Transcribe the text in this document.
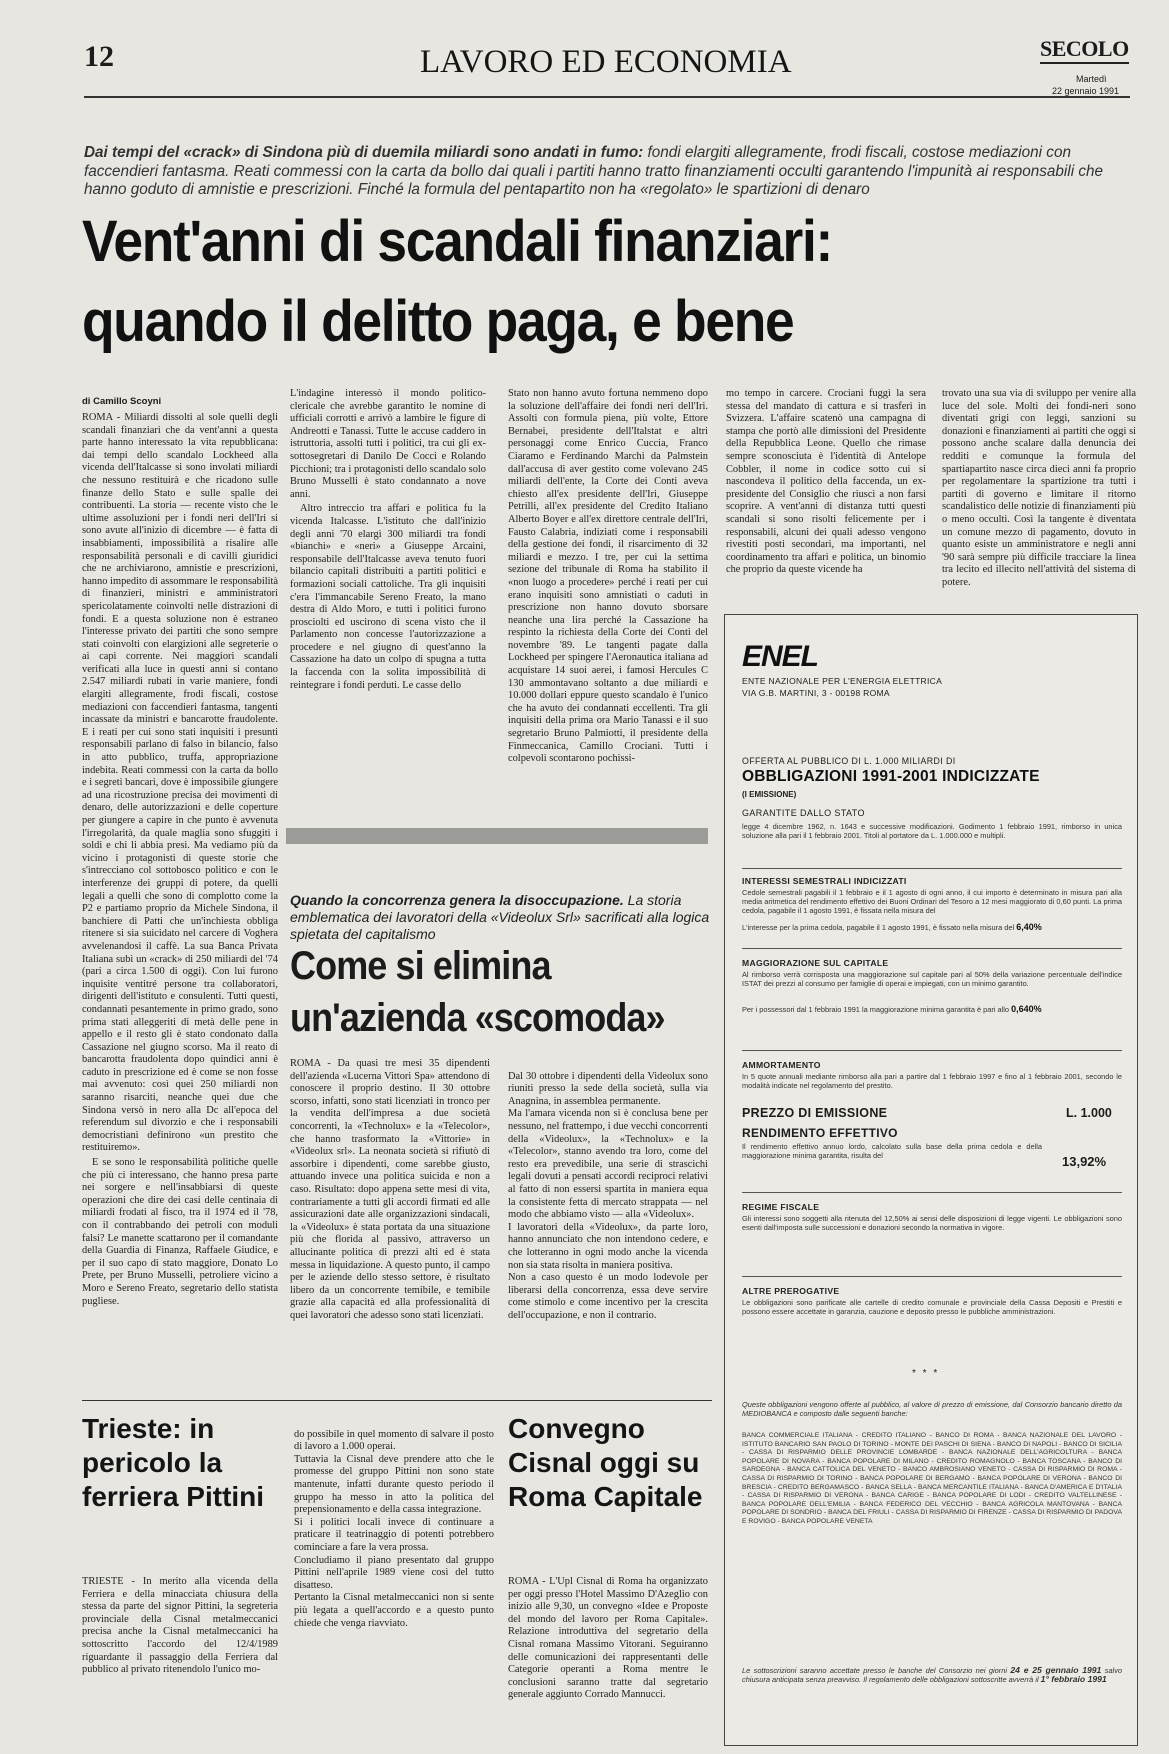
12	LAVORO ED ECONOMIA	SECOLO
Martedì
22 gennaio 1991
Dai tempi del «crack» di Sindona più di duemila miliardi sono andati in fumo: fondi elargiti allegramente, frodi fiscali, costose mediazioni con faccendieri fantasma. Reati commessi con la carta da bollo dai quali i partiti hanno tratto finanziamenti occulti garantendo l'impunità ai responsabili che hanno goduto di amnistie e prescrizioni. Finché la formula del pentapartito non ha «regolato» le spartizioni di denaro
Vent'anni di scandali finanziari:
quando il delitto paga, e bene
di Camillo Scoyni

ROMA - Miliardi dissolti al sole quelli degli scandali finanziari che da vent'anni a questa parte hanno interessato la vita repubblicana: dai tempi dello scandalo Lockheed alla vicenda dell'Italcasse si sono involati miliardi che nessuno restituirà e che ricadono sulle finanze dello Stato e sulle spalle dei contribuenti. La storia — recente visto che le ultime assoluzioni per i fondi neri dell'Iri si sono avute all'inizio di dicembre — è fatta di insabbiamenti, impossibilità a risalire alle responsabilità personali e di cavilli giuridici che ne archiviarono, amnistie e prescrizioni, hanno impedito di assommare le responsabilità di finanzieri, ministri e amministratori spericolatamente coinvolti nelle distrazioni di fondi. E a questa soluzione non è estraneo l'interesse privato dei partiti che sono sempre stati coinvolti con elargizioni alle segreterie o ai capi corrente. Nei maggiori scandali verificati alla luce in questi anni si contano 2.547 miliardi rubati in varie maniere, fondi elargiti allegramente, frodi fiscali, costose mediazioni con faccendieri fantasma, tangenti incassate da ministri e bancarotte fraudolente. E i reati per cui sono stati inquisiti i presunti responsabili parlano di falso in bilancio, falso in atto pubblico, truffa, appropriazione indebita. Reati commessi con la carta da bollo e i segreti bancari, dove è impossibile giungere ad una ricostruzione precisa dei movimenti di denaro, delle autorizzazioni e delle coperture per giungere a capire in che punto è avvenuta l'irregolarità, da quale maglia sono sfuggiti i soldi e chi li abbia presi. Ma vediamo più da vicino i protagonisti di queste storie che s'intrecciano col sottobosco politico e con le interferenze dei gruppi di potere, da quelli legali a quelli che sono di complotto come la P2 e partiamo proprio da Michele Sindona, il banchiere di Patti che un'inchiesta obbliga ritenere si sia suicidato nel carcere di Voghera avvelenandosi il caffè. La sua Banca Privata Italiana subì un «crack» di 250 miliardi del '74 (pari a circa 1.500 di oggi). Con lui furono inquisite ventitré persone tra collaboratori, dirigenti dell'istituto e consulenti. Tutti questi, condannati pesantemente in primo grado, sono prima stati alleggeriti di metà delle pene in appello e il resto gli è stato condonato dalla Cassazione nel giugno scorso. Ma il reato di bancarotta fraudolenta dopo quindici anni è caduto in prescrizione ed è come se non fosse mai avvenuto: così quei 250 miliardi non saranno risarciti, neanche quei due che Sindona versò in nero alla Dc all'epoca del referendum sul divorzio e che i responsabili democristiani definirono «un prestito che restituiremo».

E se sono le responsabilità politiche quelle che più ci interessano, che hanno presa parte nei sorgere e nell'insabbiarsi di queste operazioni che dire dei casi delle centinaia di miliardi frodati al fisco, tra il 1974 ed il '78, con il contrabbando dei petroli con moduli falsi? Le manette scattarono per il comandante della Guardia di Finanza, Raffaele Giudice, e per il suo capo di stato maggiore, Donato Lo Prete, per Bruno Musselli, petroliere vicino a Moro e Sereno Freato, segretario dello statista pugliese.

L'indagine interessò il mondo politico-clericale che avrebbe garantito le nomine di ufficiali corrotti e arrivò a lambire le figure di Andreotti e Tanassi. Tutte le accuse caddero in istruttoria, assolti tutti i politici, tra cui gli ex-sottosegretari di Danilo De Cocci e Rolando Picchioni; tra i protagonisti dello scandalo solo Bruno Musselli è stato condannato a nove anni.

Altro intreccio tra affari e politica fu la vicenda Italcasse. L'istituto che dall'inizio degli anni '70 elargì 300 miliardi tra fondi «bianchi» e «neri» a Giuseppe Arcaini, responsabile dell'Italcasse aveva tenuto fuori bilancio capitali distribuiti a partiti politici e formazioni sociali cattoliche. Tra gli inquisiti c'era l'immancabile Sereno Freato, la mano destra di Aldo Moro, e tutti i politici furono prosciolti ed uscirono di scena visto che il Parlamento non concesse l'autorizzazione a procedere e nel giugno di quest'anno la Cassazione ha dato un colpo di spugna a tutta la faccenda con la solita impossibilità di reintegrare i fondi perduti. Le casse dello

Stato non hanno avuto fortuna nemmeno dopo la soluzione dell'affaire dei fondi neri dell'Iri. Assolti con formula piena, più volte, Ettore Bernabei, presidente dell'Italstat e altri personaggi come Enrico Cuccia, Franco Ciaramo e Ferdinando Marchi da Palmstein dall'accusa di aver gestito come volevano 245 miliardi dell'ente, la Corte dei Conti aveva chiesto all'ex presidente dell'Iri, Giuseppe Petrilli, all'ex presidente del Credito Italiano Alberto Boyer e all'ex direttore centrale dell'Iri, Fausto Calabria, indiziati come i responsabili della gestione dei fondi, il risarcimento di 32 miliardi e mezzo. I tre, per cui la settima sezione del tribunale di Roma ha stabilito il «non luogo a procedere» perché i reati per cui erano inquisiti sono amnistiati o caduti in prescrizione non hanno dovuto sborsare neanche una lira perché la Cassazione ha respinto la richiesta della Corte dei Conti del novembre '89. Le tangenti pagate dalla Lockheed per spingere l'Aeronautica italiana ad acquistare 14 suoi aerei, i famosi Hercules C 130 ammontavano soltanto a due miliardi e 10.000 dollari eppure questo scandalo è l'unico che ha avuto dei condannati eccellenti. Tra gli inquisiti della prima ora Mario Tanassi e il suo segretario Bruno Palmiotti, il presidente della Finmeccanica, Camillo Crociani. Tutti i colpevoli scontarono pochissi-

mo tempo in carcere. Crociani fuggì la sera stessa del mandato di cattura e si trasferì in Svizzera. L'affaire scatenò una campagna di stampa che portò alle dimissioni del Presidente della Repubblica Leone. Quello che rimase sempre sconosciuta è l'identità di Antelope Cobbler, il nome in codice sotto cui si nascondeva il politico della faccenda, un ex-presidente del Consiglio che riuscì a non farsi scoprire. A vent'anni di distanza tutti questi scandali si sono risolti felicemente per i responsabili, alcuni dei quali adesso vengono rivestiti posti secondari, ma importanti, nel coordinamento tra affari e politica, un binomio che proprio da queste vicende ha

trovato una sua via di sviluppo per venire alla luce del sole. Molti dei fondi-neri sono diventati grigi con leggi, sanzioni su donazioni e finanziamenti ai partiti che oggi si possono anche scalare dalla denuncia dei redditi e comunque la formula del spartiapartito nasce circa dieci anni fa proprio per regolamentare la spartizione tra tutti i partiti di governo e limitare il ritorno scandalistico delle notizie di finanziamenti più o meno occulti. Così la tangente è diventata un comune mezzo di pagamento, dovuto in quanto esiste un amministratore e negli anni '90 sarà sempre più difficile tracciare la linea tra lecito ed illecito nell'attività del sistema di potere.

Quando la concorrenza genera la disoccupazione. La storia emblematica dei lavoratori della «Videolux Srl» sacrificati alla logica spietata del capitalismo
Come si elimina
un'azienda «scomoda»

ROMA - Da quasi tre mesi 35 dipendenti dell'azienda «Lucerna Vittori Spa» attendono di conoscere il proprio destino. Il 30 ottobre scorso, infatti, sono stati licenziati in tronco per la vendita dell'impresa a due società concorrenti, la «Technolux» e la «Telecolor», che hanno trasformato la «Vittorie» in «Videolux srl». La neonata società si rifiutò di assorbire i dipendenti, come sarebbe giusto, attuando invece una politica suicida e non a caso. Risultato: dopo appena sette mesi di vita, contrariamente a tutti gli accordi firmati ed alle assicurazioni date alle organizzazioni sindacali, la «Videolux» è stata portata da una situazione più che florida al passivo, attraverso un allucinante politica di prezzi alti ed è stata messa in liquidazione. A questo punto, il campo per le aziende dello stesso settore, è risultato libero da un concorrente temibile, e temibile grazie alla capacità ed alla professionalità di quei lavoratori che adesso sono stati licenziati.

Dal 30 ottobre i dipendenti della Videolux sono riuniti presso la sede della società, sulla via Anagnina, in assemblea permanente.
Ma l'amara vicenda non si è conclusa bene per nessuno, nel frattempo, i due vecchi concorrenti della «Videolux», la «Technolux» e la «Telecolor», stanno avendo tra loro, come del resto era prevedibile, una serie di strascichi legali dovuti a pensati accordi reciproci relativi al fatto di non essersi spartita in maniera equa la consistente fetta di mercato strappata — nel modo che abbiamo visto — alla «Videolux».
I lavoratori della «Videolux», da parte loro, hanno annunciato che non intendono cedere, e che lotteranno in ogni modo anche la vicenda non sia stata risolta in maniera positiva.
Non a caso questo è un modo lodevole per liberarsi della concorrenza, essa deve servire come stimolo e come incentivo per la crescita dell'occupazione, e non il contrario.

Trieste: in pericolo la ferriera Pittini

TRIESTE - In merito alla vicenda della Ferriera e della minacciata chiusura della stessa da parte del signor Pittini, la segreteria provinciale della Cisnal metalmeccanici precisa anche la Cisnal metalmeccanici ha sottoscritto l'accordo del 12/4/1989 riguardante il passaggio della Ferriera dal pubblico al privato ritenendolo l'unico mo-

do possibile in quel momento di salvare il posto di lavoro a 1.000 operai.
Tuttavia la Cisnal deve prendere atto che le promesse del gruppo Pittini non sono state mantenute, infatti durante questo periodo il gruppo ha messo in atto la politica del prepensionamento e della cassa integrazione.
Si i politici locali invece di continuare a praticare il teatrinaggio di potenti potrebbero cominciare a fare la vera prossa.
Concludiamo il piano presentato dal gruppo Pittini nell'aprile 1989 viene così del tutto disatteso.
Pertanto la Cisnal metalmeccanici non si sente più legata a quell'accordo e a questo punto chiede che venga riavviato.

Convegno Cisnal oggi su Roma Capitale

ROMA - L'Upl Cisnal di Roma ha organizzato per oggi presso l'Hotel Massimo D'Azeglio con inizio alle 9,30, un convegno «Idee e Proposte del mondo del lavoro per Roma Capitale». Relazione introduttiva del segretario della Cisnal romana Massimo Vitorani. Seguiranno delle comunicazioni dei rappresentanti delle Categorie operanti a Roma mentre le conclusioni saranno tratte dal segretario generale aggiunto Corrado Mannucci.

ENEL
ENTE NAZIONALE PER L'ENERGIA ELETTRICA
VIA G.B. MARTINI, 3 - 00198 ROMA
OFFERTA AL PUBBLICO DI L. 1.000 MILIARDI DI
OBBLIGAZIONI 1991-2001 INDICIZZATE
(I EMISSIONE)
GARANTITE DALLO STATO
legge 4 dicembre 1962, n. 1643 e successive modificazioni. Godimento 1 febbraio 1991, rimborso in unica soluzione alla pari il 1 febbraio 2001. Titoli al portatore da L. 1.000.000 e multipli.
INTERESSI SEMESTRALI INDICIZZATI
Cedole semestrali pagabili il 1 febbraio e il 1 agosto di ogni anno, il cui importo è determinato in misura pari alla media aritmetica del rendimento effettivo dei Buoni Ordinari del Tesoro a 12 mesi maggiorato di 0,60 punti. La prima cedola, pagabile il 1 agosto 1991, è fissata nella misura del
L'interesse per la prima cedola, pagabile il 1 agosto 1991, è fissato nella misura del 6,40%
MAGGIORAZIONE SUL CAPITALE
Al rimborso verrà corrisposta una maggiorazione sul capitale pari al 50% della variazione percentuale dell'indice ISTAT dei prezzi al consumo per famiglie di operai e impiegati, con un minimo garantito.
Per i possessori dal 1 febbraio 1991 la maggiorazione minima garantita è pari allo 0,640%
AMMORTAMENTO
In 5 quote annuali mediante rimborso alla pari a partire dal 1 febbraio 1997 e fino al 1 febbraio 2001, secondo le modalità indicate nel regolamento del prestito.
PREZZO DI EMISSIONE	L. 1.000
RENDIMENTO EFFETTIVO
Il rendimento effettivo annuo lordo, calcolato sulla base della prima cedola e della maggiorazione minima garantita, risulta del	13,92%
REGIME FISCALE
Gli interessi sono soggetti alla ritenuta del 12,50% ai sensi delle disposizioni di legge vigenti. Le obbligazioni sono esenti dall'imposta sulle successioni e donazioni secondo la normativa in vigore.
ALTRE PREROGATIVE
Le obbligazioni sono parificate alle cartelle di credito comunale e provinciale della Cassa Depositi e Prestiti e possono essere accettate in garanzia, cauzione e deposito presso le pubbliche amministrazioni.
* * *
Queste obbligazioni vengono offerte al pubblico, al valore di prezzo di emissione, dal Consorzio bancario diretto da MEDIOBANCA e composto dalle seguenti banche:
BANCA COMMERCIALE ITALIANA - CREDITO ITALIANO - BANCO DI ROMA - BANCA NAZIONALE DEL LAVORO - ISTITUTO BANCARIO SAN PAOLO DI TORINO - MONTE DEI PASCHI DI SIENA - BANCO DI NAPOLI - BANCO DI SICILIA - CASSA DI RISPARMIO DELLE PROVINCIE LOMBARDE - BANCA NAZIONALE DELL'AGRICOLTURA - BANCA POPOLARE DI NOVARA - BANCA POPOLARE DI MILANO - CREDITO ROMAGNOLO - BANCA TOSCANA - BANCO DI SARDEGNA - BANCA CATTOLICA DEL VENETO - BANCO AMBROSIANO VENETO - CASSA DI RISPARMIO DI ROMA - CASSA DI RISPARMIO DI TORINO - BANCA POPOLARE DI BERGAMO - BANCA POPOLARE DI VERONA - BANCO DI BRESCIA - CREDITO BERGAMASCO - BANCA SELLA - BANCA MERCANTILE ITALIANA - BANCA D'AMERICA E D'ITALIA - CASSA DI RISPARMIO DI VERONA - BANCA CARIGE - BANCA POPOLARE DI LODI - CREDITO VALTELLINESE - BANCA POPOLARE DELL'EMILIA - BANCA FEDERICO DEL VECCHIO - BANCA AGRICOLA MANTOVANA - BANCA POPOLARE DI SONDRIO - BANCA DEL FRIULI - CASSA DI RISPARMIO DI FIRENZE - CASSA DI RISPARMIO DI PADOVA E ROVIGO - BANCA POPOLARE VENETA
Le sottoscrizioni saranno accettate presso le banche del Consorzio nei giorni 24 e 25 gennaio 1991 salvo chiusura anticipata senza preavviso. Il regolamento delle obbligazioni sottoscritte avverrà il 1° febbraio 1991
